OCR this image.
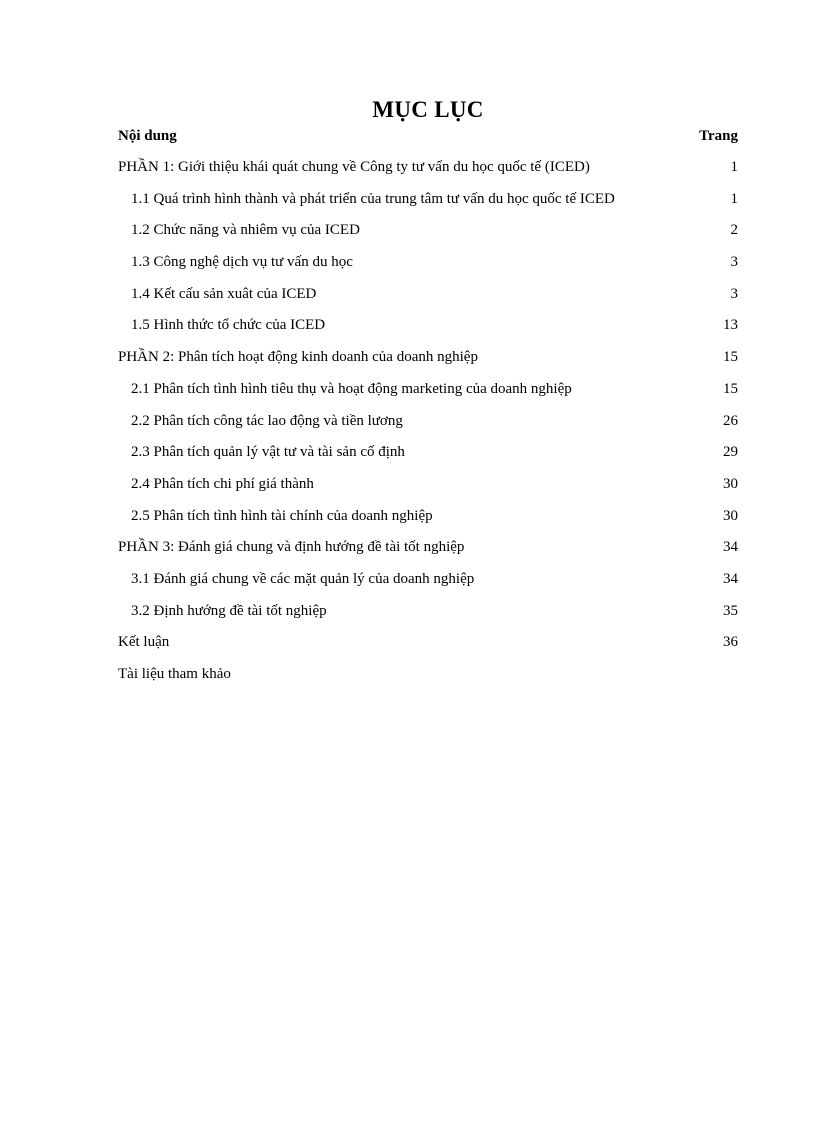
MỤC LỤC
Nội dung	Trang
PHẦN 1: Giới thiệu khái quát chung về Công ty tư vấn du học quốc tế (ICED)	1
1.1 Quá trình hình thành và phát triển của trung tâm tư vấn du học quốc tế ICED	1
1.2 Chức năng và nhiêm vụ của ICED	2
1.3 Công nghệ dịch vụ tư vấn du học	3
1.4 Kết cấu sản xuât của ICED	3
1.5 Hình thức tổ chức của ICED	13
PHẦN 2: Phân tích hoạt động kinh doanh của doanh nghiệp	15
2.1 Phân tích tình hình tiêu thụ và hoạt động marketing của doanh nghiệp	15
2.2 Phân tích công tác lao động và tiền lương	26
2.3 Phân tích quản lý vật tư và tài sản cố định	29
2.4 Phân tích chi phí giá thành	30
2.5 Phân tích tình hình tài chính của doanh nghiệp	30
PHẦN 3: Đánh giá chung và định hướng đề tài tốt nghiệp	34
3.1 Đánh giá chung về các mặt quản lý của doanh nghiệp	34
3.2 Định hướng đề tài tốt nghiệp	35
Kết luận	36
Tài liệu tham khảo
